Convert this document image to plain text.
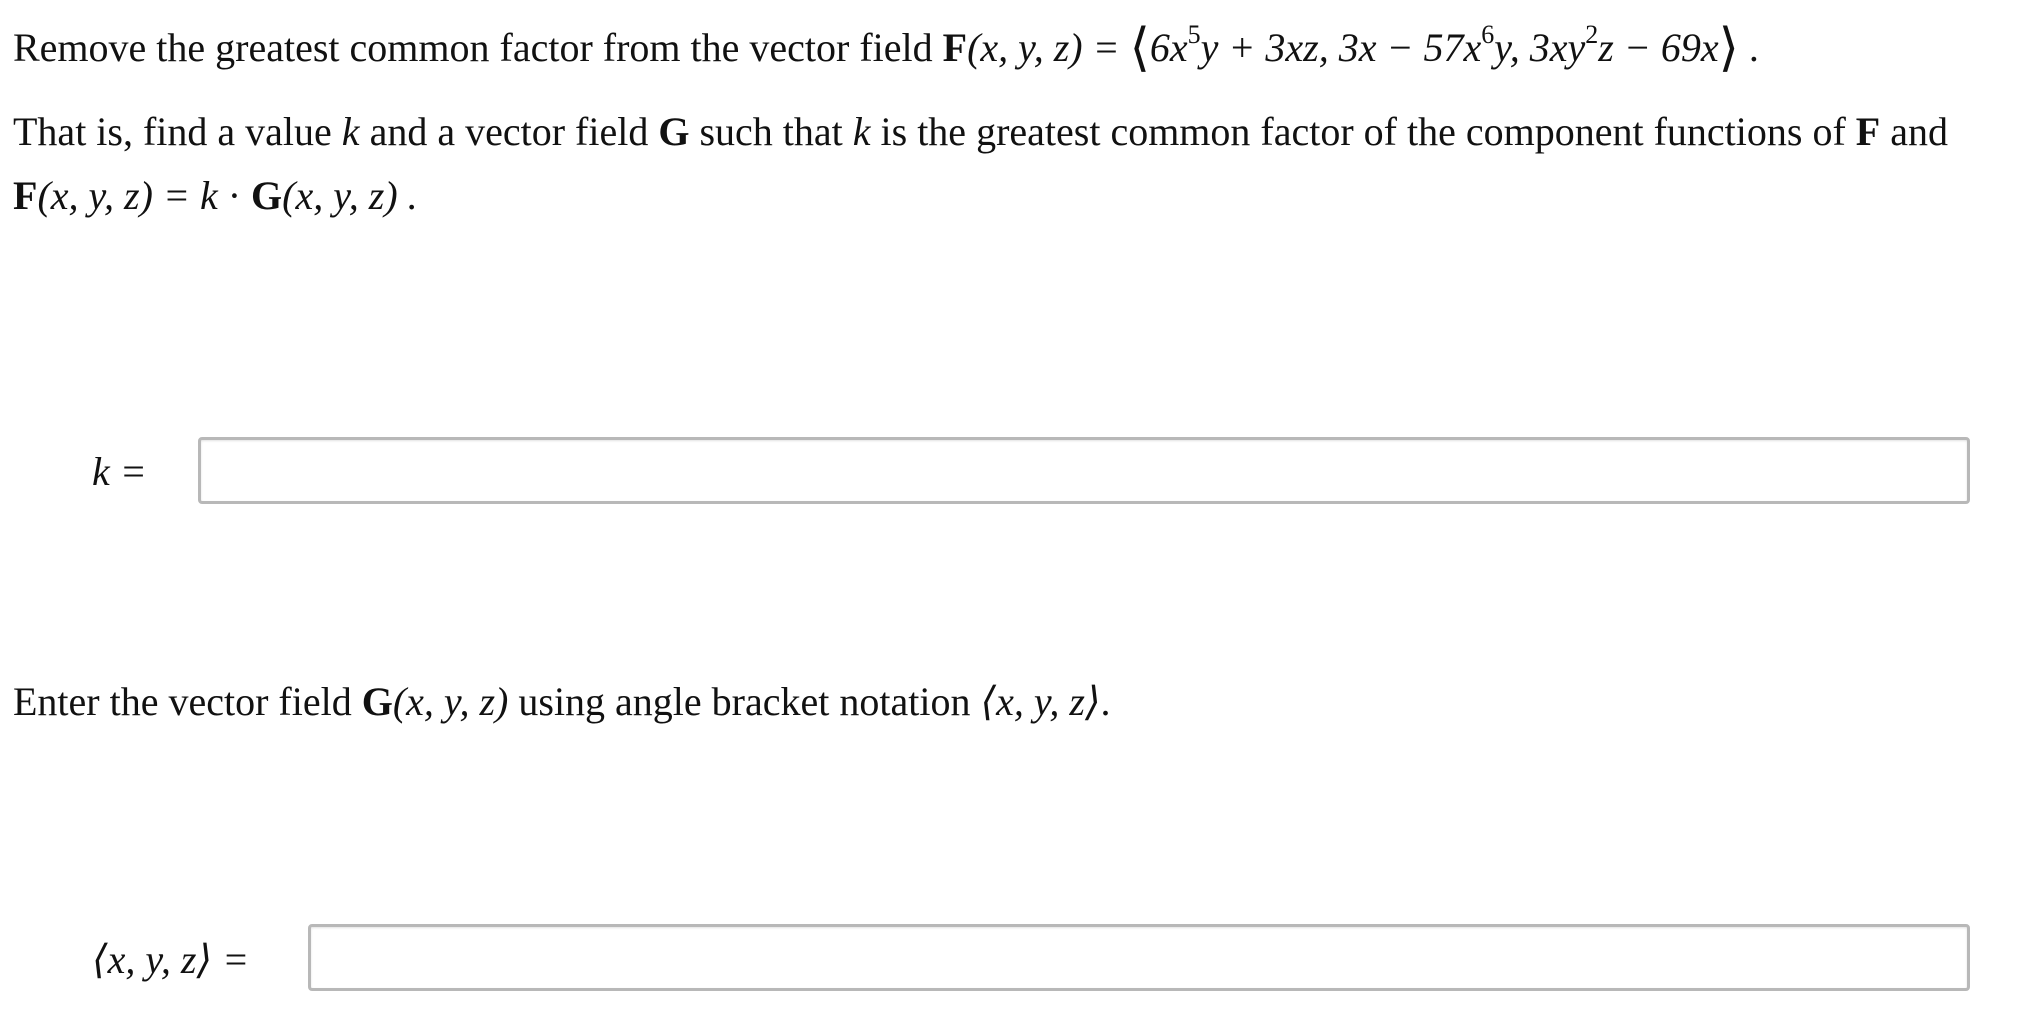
Remove the greatest common factor from the vector field F(x, y, $z) = ⟨6x^5y + 3xz$, $3x - 57x^6y$, $3xy^2z$ − 69x⟩ .
That is, find a value k and a vector field G such that k is the greatest common factor of the component functions of F and
F(x, y, z) = k · G(x, y, z) .
k =
Enter the vector field G(x, y, z) using angle bracket notation ⟨x, y, z⟩.
⟨x, y, z⟩ =
